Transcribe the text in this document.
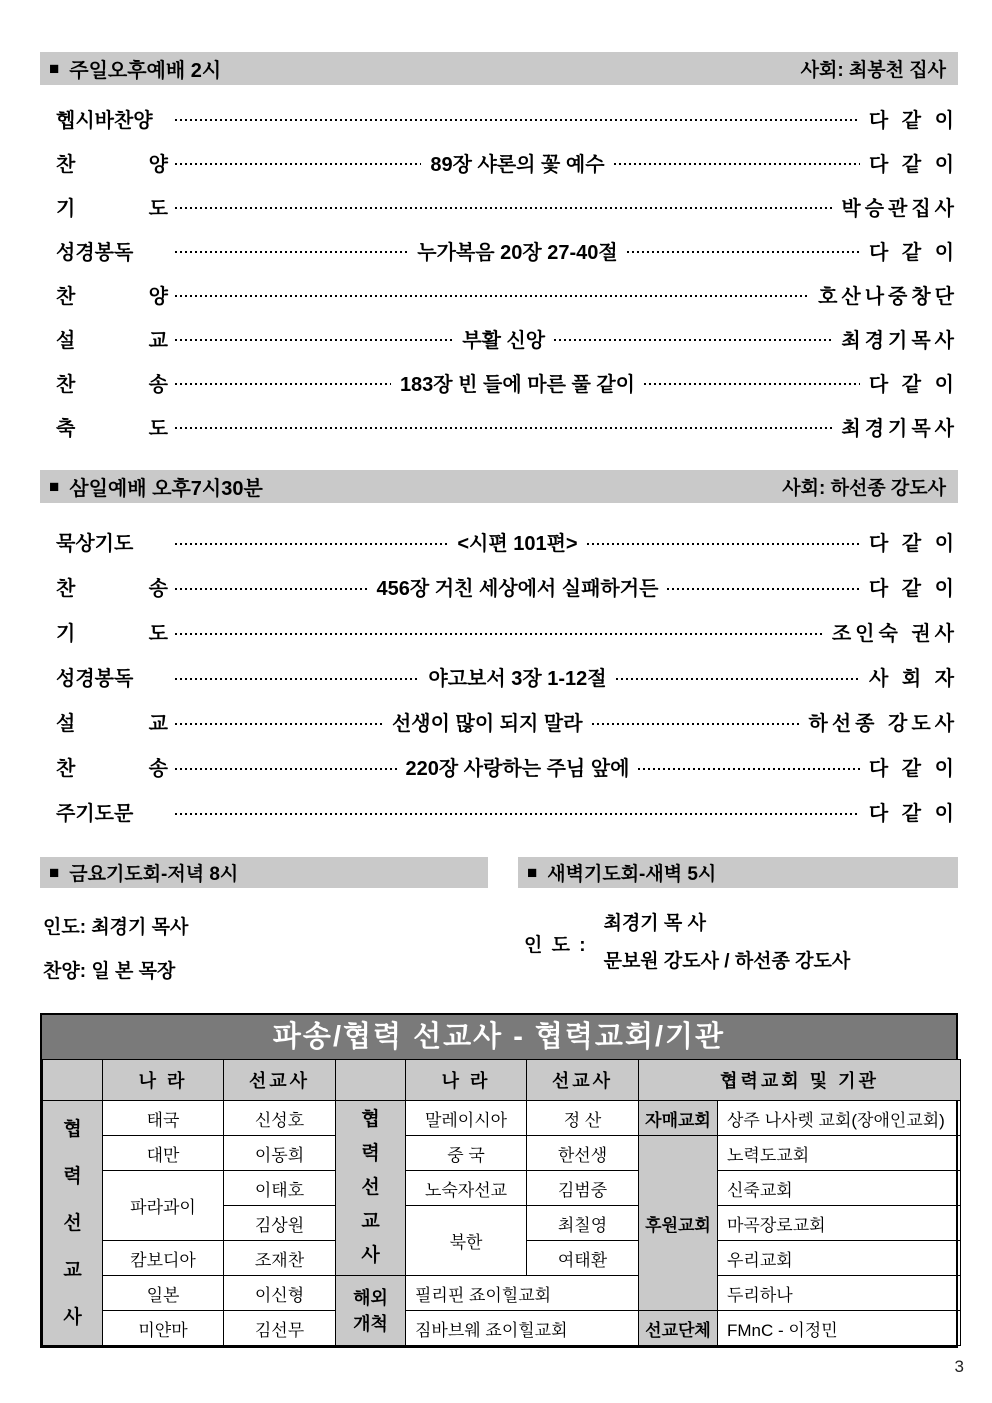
■ 주일오후예배 2시	사회: 최봉천 집사
헵시바찬양	다 같 이
찬 양	89장 샤론의 꽃 예수	다 같 이
기 도	박승관집사
성경봉독	누가복음 20장 27-40절	다 같 이
찬 양	호산나중창단
설 교	부활 신앙	최경기목사
찬 송	183장 빈 들에 마른 풀 같이	다 같 이
축 도	최경기목사
■ 삼일예배 오후7시30분	사회: 하선종 강도사
묵상기도	<시편 101편>	다 같 이
찬 송	456장 거친 세상에서 실패하거든	다 같 이
기 도	조인숙 권사
성경봉독	야고보서 3장 1-12절	사 회 자
설 교	선생이 많이 되지 말라	하선종 강도사
찬 송	220장 사랑하는 주님 앞에	다 같 이
주기도문	다 같 이
■ 금요기도회-저녁 8시
인도: 최경기 목사
찬양: 일 본 목장
■ 새벽기도회-새벽 5시
인 도 :
최경기 목 사
문보원 강도사 / 하선종 강도사
파송/협력 선교사 - 협력교회/기관
	나 라	선교사		나 라	선교사	협력교회 및 기관	
협력선교사	태국	신성호	협력선교사	말레이시아	정 산	자매교회	상주 나사렛 교회(장애인교회)
	대만	이동희		중 국	한선생	후원교회	노력도교회
	파라과이	이태호		노숙자선교	김범중		신죽교회
		김상원		북한	최칠영		마곡장로교회
	캄보디아	조재찬			여태환		우리교회
	일본	이신형	해외 개척	필리핀 죠이힐교회			두리하나
	미얀마	김선무		짐바브웨 죠이힐교회		선교단체	FMnC - 이정민
3
